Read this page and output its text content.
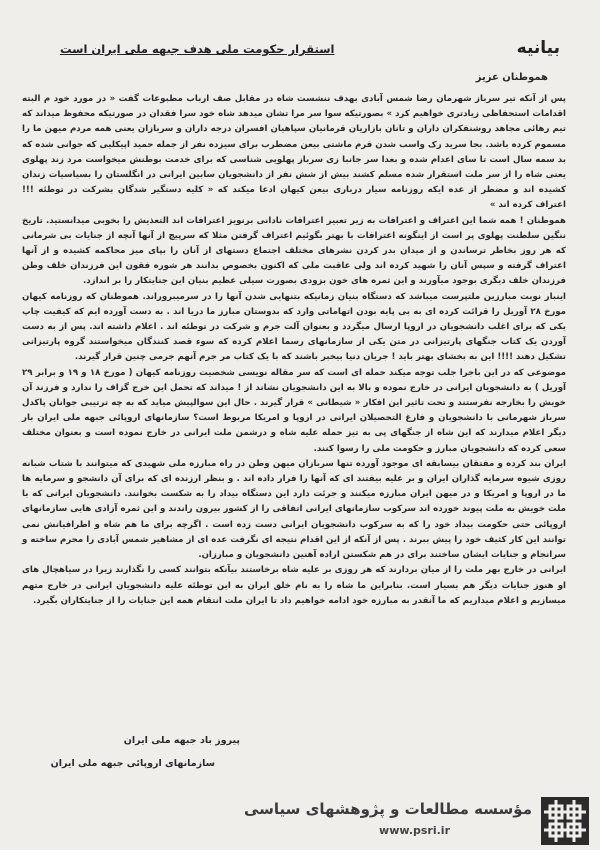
بیانیه
استقرار حکومت ملی هدف جبهه ملی ایران است
هموطنان عزیز

پس از آنکه تیر سرباز شهرمان رضا شمس آبادی بهدف ننشست شاه در مقابل صف ارباب مطبوعات گفت « در مورد خود م البته اقدامات استحفاظی زیادتری خواهیم کرد » بصورتیکه سوا سر مرا تشان میدهد شاه خود سرا فقدان در صورتیکه محفوظ میداند که تیم رهائی مجاهد روشنفکران داران و تانان بازاریان قرمانیان سپاهیان افسران درجه داران و سربازان یعنی همه مردم میهن ما را مسموم کرده باشد. بجا سرید رک واسب شدن قرم ماشتی بیعن مضطرب برای سیزده نفر از جمله حمید اپیکلیی که جوانی شده که بد سمه سال است تا سای اعدام شده و بعدا سر جانبا زی سرباز پهلویی شناسی که برای خدمت بوطنش میخواست مرد زند پهلوی یعنی شاه را از سر ملت استقرار شده مسلم کشند بیش از شش نفر از دانشجویان سابین ایرانی در انگلستان را بسیاسیات زندان کشیده اند و مضطر از عده ایکه روزنامه سیار درباری بیعن کیهان ادعا میکند که « کلیه دستگیر شدگان بشرکت در توطئه !!! اعتراف کرده اند »

هموطنان ! همه شما این اعتراف و اعترافات به زیر تعبیر اعترافات نادانی برنویز اعترافات اند التعذیش را بخوبی میدانستید. تاریخ ننگین سلطنت پهلوی پر است از اینگونه اعترافات با بهتر بگوئیم اعتراف گرفتن مثلا که سرپیچ از آنها آنچه از جنایات بی شرمانی که هر روز بخاطر ترساندن و از میدان بدر کردن نشرهای مختلف اجتماع دستهای از آنان را بپای میز محاکمه کشیده و از آنها اعتراف گرفته و سپس آنان را شهید کرده اند ولی عاقبت ملی که اکنون بخصوص بدانند هر شوره فقون این فرزندان خلف وطن فرزندان خلف دیگری بوجود میآورند و این ثمره های خون بزودی بصورت سیلی عظیم بنیان این جنایتکار را بر اندازد.

اینبار نوبت مبارزین ملتپرست میباشد که دستگاه بنیان زمانیکه بتنهایی شدن آنها را در سرمیبروراند. هموطنان که روزنامه کیهان مورخ ۲۸ آوریل را قرائت کرده ای به بی پایه بودن اتهاماتی وارد که بدوستان مبارز ما دریا اند . به دست آورده ایم که کیفیت چاپ یکی که برای اغلب دانشجویان در اروپا ارسال میگردد و بعنوان آلت جرم و شرکت در توطئه اند . اعلام داشته اند. پس از به دست آوردن یک کتاب جنگهای پارتیزانی در متن یکی از سازمانهای رسما اعلام کرده که سوء قصد کنندگان میخواستند گروه پارتیزانی تشکیل دهند !!!! این به بخشای بهتر باید ! جریان دنیا بیخبر باشند که با یک کتاب مر جرم آنهم جرمی چنین قرار گیرند.

موضوعی که در این باجرا جلب توجه میکند حمله ای است که سر مقاله نویسی شخصیت روزنامه کیهان ( مورخ ۱۸ و ۱۹ و برابر ۲۹ آوریل ) به دانشجویان ایرانی در خارج نموده و بالا به این دانشجویان نشاند از ! میداند که تحمل این خرج گزاف را ندارد و فرزند آن خویش را بخارجه نفرستند و تحت تاثیر این افکار « شیطانی » قرار گیرند . حال این سوالپیش میاید که به چه ترتیبی جوانان پاکدل سرباز شهرمانی با دانشجویان و فارغ التحصیلان ایرانی در اروپا و امریکا مربوط است؟ سازمانهای اروپائی جبهه ملی ایران بار دیگر اعلام میدارند که این شاه از جنگهای پی به تیز حمله علیه شاه و درشمن ملت ایرانی در خارج نموده است و بعنوان مختلف سعی کرده که دانشجویان مبارز و حکومت ملی را رسوا کنند.

ایران بند کرده و مفتقان بیسابقه ای موجود آورده تنها سربازان میهن وطن در راه مبارزه ملی شهیدی که میتوانند با شتاب شبانه روزی شیوه سرمایه گذاران ایران و بر علیه بیفتند ای که آنها را فرار داده اند . و بنظر ارزنده ای که برای آن دانشجو و سرمایه ها ما در اروپا و امریکا و در میهن ایران مبارزه میکنند و جرئت دارد این دستگاه بیداد را به شکست بخوانند. دانشجویان ایرانی که با ملت خویش به ملت پیوند خورده اند سرکوب سازمانهای ایرانی اتفاقی را از کشور بیرون راندند و این ثمره آزادی هایی سازمانهای اروپائی حتی حکومت بیداد خود را که به سرکوب دانشجویان ایرانی دست زده است . اگرچه برای ما هم شاه و اطرافیانش نمی توانند این کار کثیف خود را پیش ببرند . پس از آنکه از این اقدام نتیجه ای نگرفت عده ای از مشاهیر شمس آبادی را محرم ساخته و سرانجام و جنایات ایشان ساختند برای در هم شکستن اراده آهنین دانشجویان و مبارزان.

ایرانی در خارج بهر ملت را از میان بردارند که هر روزی بر علیه شاه برخاستند بیآنکه بتوانند کسی را نگذارند زیرا در سیاهچال های او هنوز جنایات دیگر هم بسیار است. بنابراین ما شاه را به نام خلق ایران به این توطئه علیه دانشجویان ایرانی در خارج متهم میسازیم و اعلام میداریم که ما آنقدر به مبارزه خود ادامه خواهیم داد تا ایران ملت انتقام همه این جنایات را از جنایتکاران بگیرد.

پیروز باد جبهه ملی ایران
سازمانهای اروپائی جبهه ملی ایران
مؤسسه مطالعات و پژوهشهای سیاسی
www.psri.ir
